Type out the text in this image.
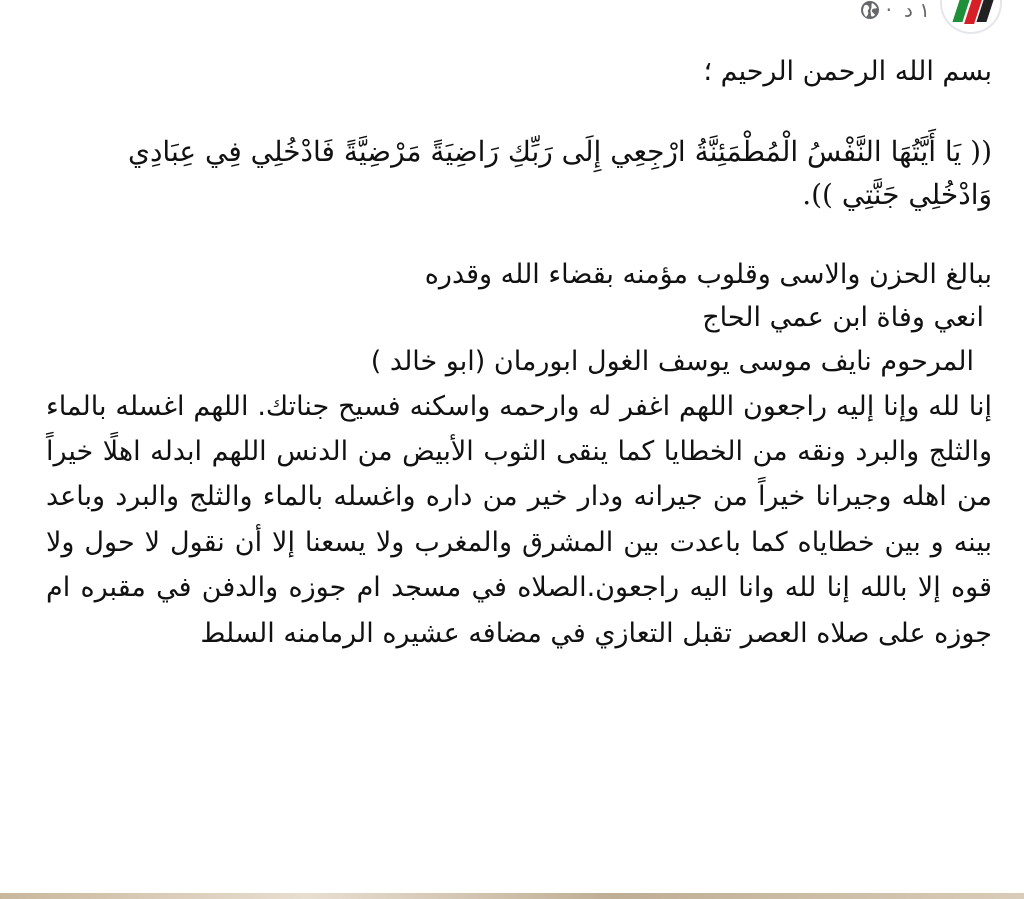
١ د
·

بسم الله الرحمن الرحيم ؛

(( يَا أَيَّتُهَا النَّفْسُ الْمُطْمَئِنَّةُ ارْجِعِي إِلَى رَبِّكِ رَاضِيَةً مَرْضِيَّةً فَادْخُلِي فِي عِبَادِي وَادْخُلِي جَنَّتِي )).

ببالغ الحزن والاسى وقلوب مؤمنه بقضاء الله وقدره

انعي وفاة ابن عمي الحاج

المرحوم نايف موسى يوسف الغول ابورمان (ابو خالد )

إنا لله وإنا إليه راجعون اللهم اغفر له وارحمه واسكنه فسيح جناتك. اللهم اغسله بالماء والثلج والبرد ونقه من الخطايا كما ينقى الثوب الأبيض من الدنس اللهم ابدله اهلًا خيراً من اهله وجيرانا خيراً من جيرانه ودار خير من داره واغسله بالماء والثلج والبرد وباعد بينه و بين خطاياه كما باعدت بين المشرق والمغرب ولا يسعنا إلا أن نقول لا حول ولا قوه إلا بالله إنا لله وانا اليه راجعون.الصلاه في مسجد ام جوزه والدفن في مقبره ام جوزه على صلاه العصر تقبل التعازي في مضافه عشيره الرمامنه السلط
